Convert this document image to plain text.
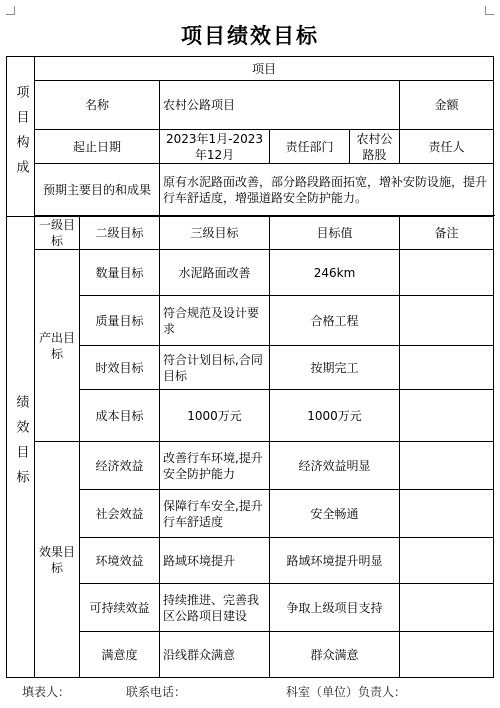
项目绩效目标
项目构成	项目						
	名称		农村公路项目			金额	
	起止日期		2023年1月-2023年12月	责任部门	农村公路股	责任人	
	预期主要目的和成果		原有水泥路面改善，部分路段路面拓宽，增补安防设施，提升行车舒适度，增强道路安全防护能力。				

绩效目标	一级目标	二级目标	三级目标	目标值		备注	
	产出目标	数量目标	水泥路面改善	246km			
		质量目标	符合规范及设计要求	合格工程			
		时效目标	符合计划目标,合同目标	按期完工			
		成本目标	1000万元	1000万元			
	效果目标	经济效益	改善行车环境,提升安全防护能力	经济效益明显			
		社会效益	保障行车安全,提升行车舒适度	安全畅通			
		环境效益	路域环境提升	路域环境提升明显			
		可持续效益	持续推进、完善我区公路项目建设	争取上级项目支持			
		满意度	沿线群众满意	群众满意			
填表人：	联系电话：	科室（单位）负责人：
